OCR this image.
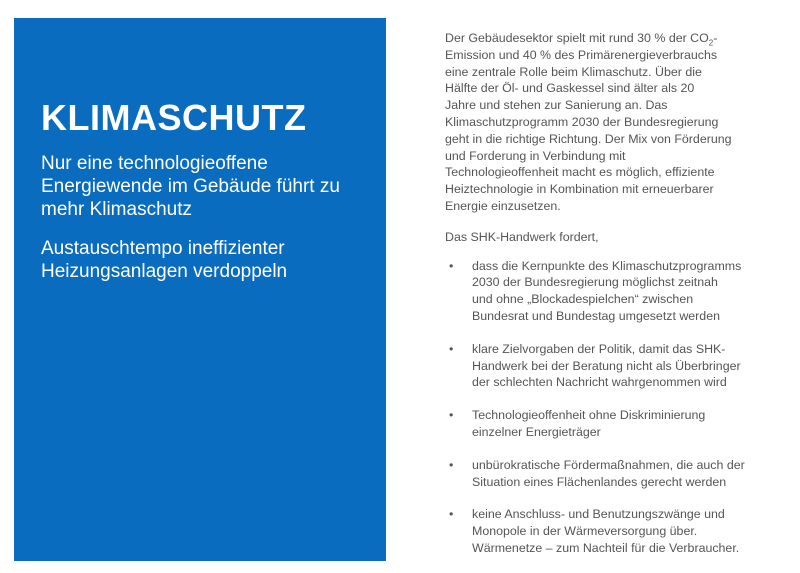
KLIMASCHUTZ

Nur eine technologieoffene Energiewende im Gebäude führt zu mehr Klimaschutz

Austauschtempo ineffizienter Heizungsanlagen verdoppeln

Der Gebäudesektor spielt mit rund 30 % der $CO_2-$
Emission und 40 % des Primärenergieverbrauchs
eine zentrale Rolle beim Klimaschutz. Über die
Hälfte der Öl- und Gaskessel sind älter als 20
Jahre und stehen zur Sanierung an. Das
Klimaschutzprogramm 2030 der Bundesregierung
geht in die richtige Richtung. Der Mix von Förderung
und Forderung in Verbindung mit
Technologieoffenheit macht es möglich, effiziente
Heiztechnologie in Kombination mit erneuerbarer
Energie einzusetzen.

Das SHK-Handwerk fordert,

• dass die Kernpunkte des Klimaschutzprogramms
2030 der Bundesregierung möglichst zeitnah
und ohne „Blockadespielchen“ zwischen
Bundesrat und Bundestag umgesetzt werden
• klare Zielvorgaben der Politik, damit das SHK-
Handwerk bei der Beratung nicht als Überbringer
der schlechten Nachricht wahrgenommen wird
• Technologieoffenheit ohne Diskriminierung
einzelner Energieträger
• unbürokratische Fördermaßnahmen, die auch der
Situation eines Flächenlandes gerecht werden
• keine Anschluss- und Benutzungszwänge und
Monopole in der Wärmeversorgung über.
Wärmenetze – zum Nachteil für die Verbraucher.
